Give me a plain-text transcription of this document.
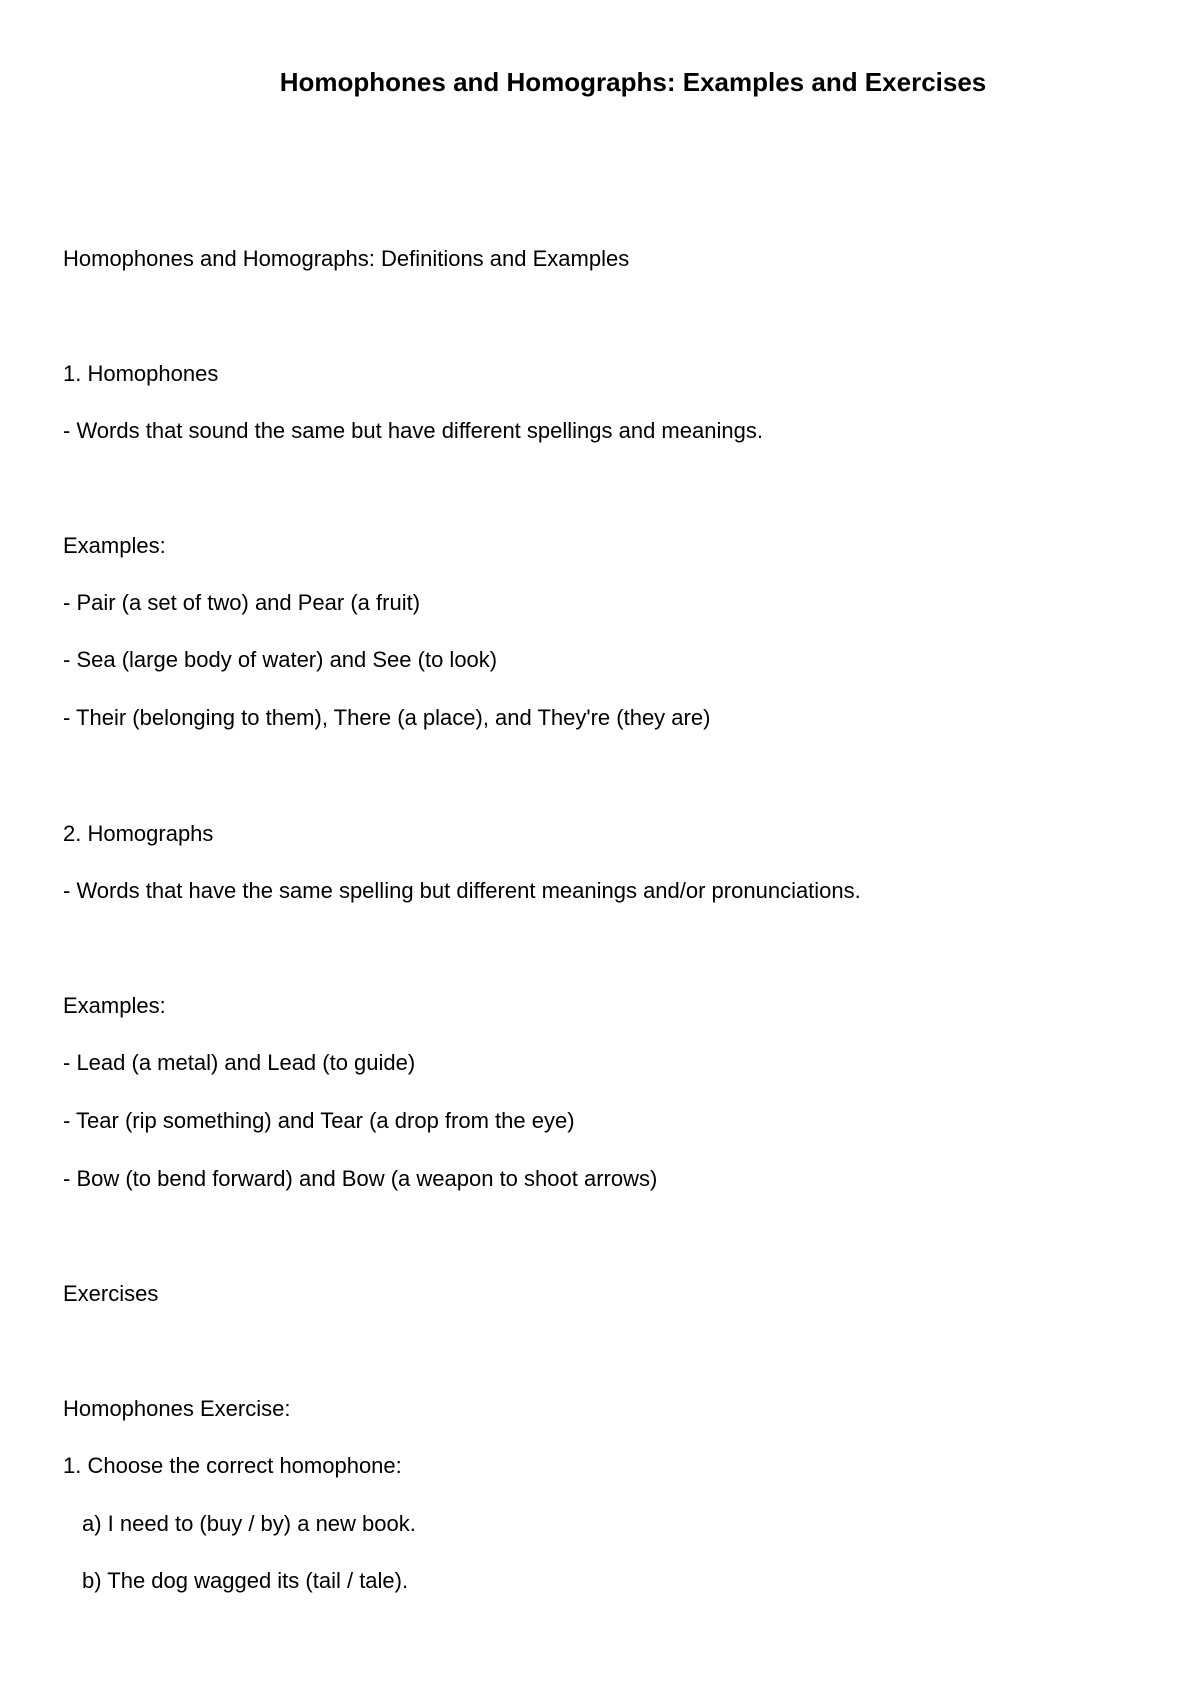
Homophones and Homographs: Examples and Exercises
Homophones and Homographs: Definitions and Examples
1. Homophones
- Words that sound the same but have different spellings and meanings.
Examples:
- Pair (a set of two) and Pear (a fruit)
- Sea (large body of water) and See (to look)
- Their (belonging to them), There (a place), and They're (they are)
2. Homographs
- Words that have the same spelling but different meanings and/or pronunciations.
Examples:
- Lead (a metal) and Lead (to guide)
- Tear (rip something) and Tear (a drop from the eye)
- Bow (to bend forward) and Bow (a weapon to shoot arrows)
Exercises
Homophones Exercise:
1. Choose the correct homophone:
a) I need to (buy / by) a new book.
b) The dog wagged its (tail / tale).
